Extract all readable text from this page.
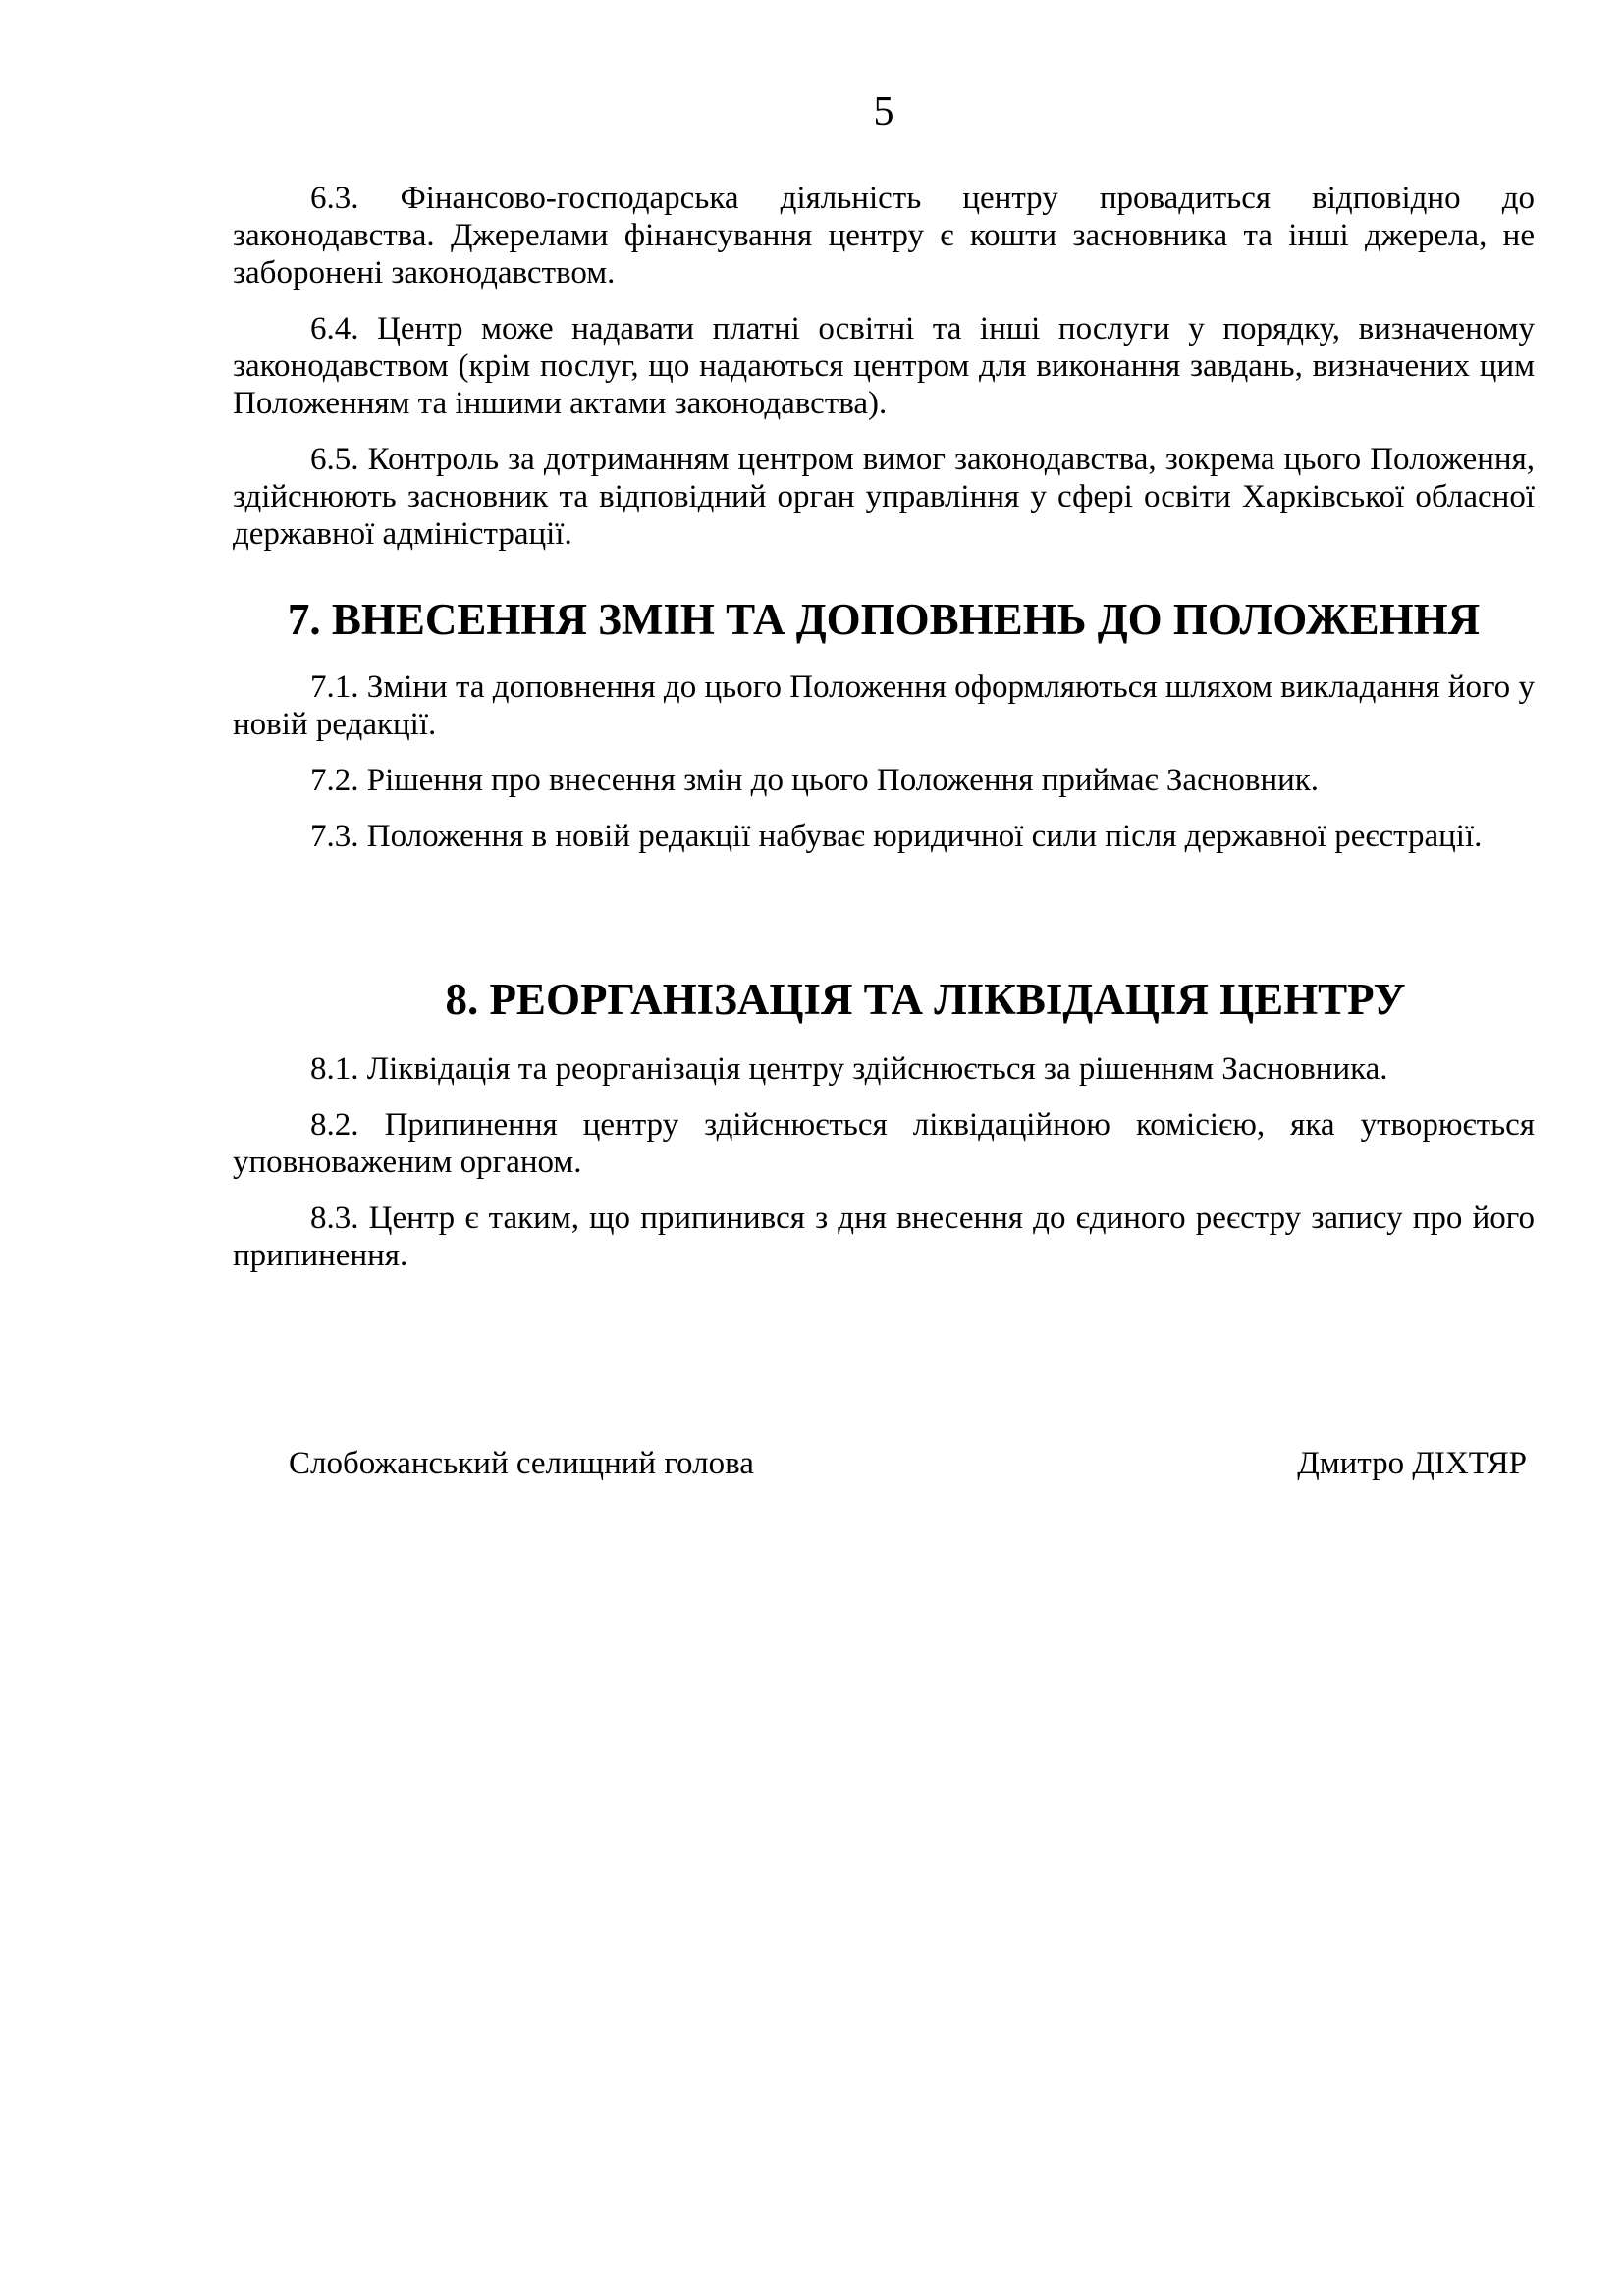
5

6.3. Фінансово-господарська діяльність центру провадиться відповідно до законодавства. Джерелами фінансування центру є кошти засновника та інші джерела, не заборонені законодавством.

6.4. Центр може надавати платні освітні та інші послуги у порядку, визначеному законодавством (крім послуг, що надаються центром для виконання завдань, визначених цим Положенням та іншими актами законодавства).

6.5. Контроль за дотриманням центром вимог законодавства, зокрема цього Положення, здійснюють засновник та відповідний орган управління у сфері освіти Харківської обласної державної адміністрації.

7. ВНЕСЕННЯ ЗМІН ТА ДОПОВНЕНЬ ДО ПОЛОЖЕННЯ

7.1. Зміни та доповнення до цього Положення оформляються шляхом викладання його у новій редакції.

7.2. Рішення про внесення змін до цього Положення приймає Засновник.

7.3. Положення в новій редакції набуває юридичної сили після державної реєстрації.

8. РЕОРГАНІЗАЦІЯ ТА ЛІКВІДАЦІЯ ЦЕНТРУ

8.1. Ліквідація та реорганізація центру здійснюється за рішенням Засновника.

8.2. Припинення центру здійснюється ліквідаційною комісією, яка утворюється уповноваженим органом.

8.3. Центр є таким, що припинився з дня внесення до єдиного реєстру запису про його припинення.

Слобожанський селищний голова	Дмитро ДІХТЯР
